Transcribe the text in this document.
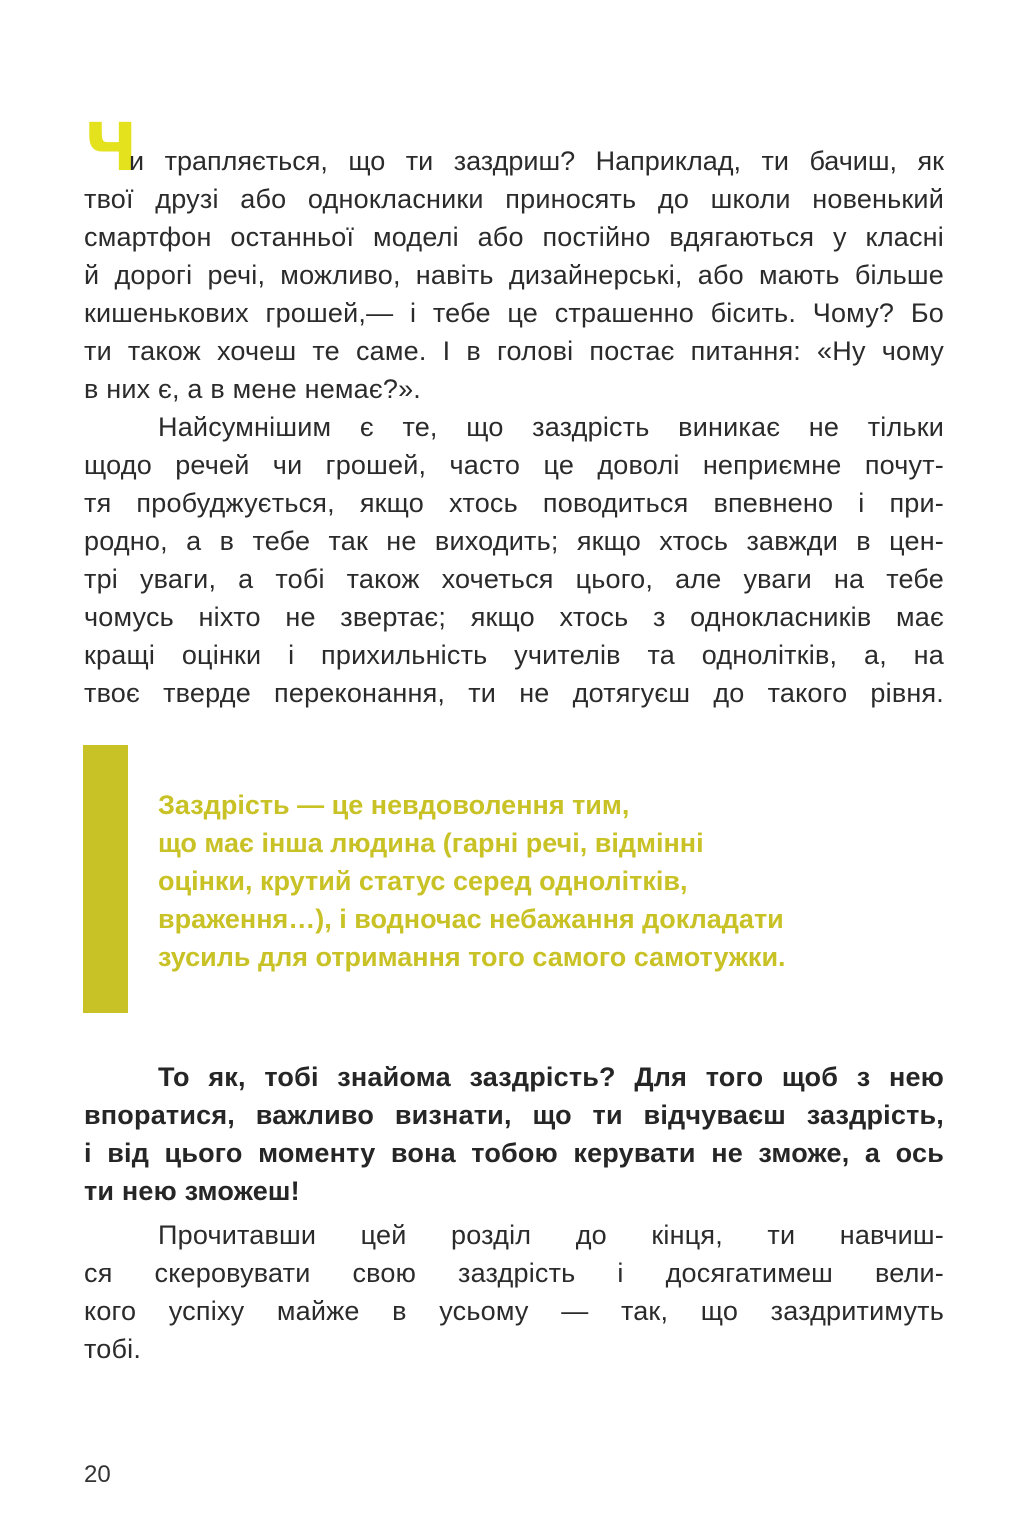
Ч
и трапляється, що ти заздриш? Наприклад, ти бачиш, як
твої друзі або однокласники приносять до школи новенький
смартфон останньої моделі або постійно вдягаються у класні
й дорогі речі, можливо, навіть дизайнерські, або мають більше
кишенькових грошей,— і тебе це страшенно бісить. Чому? Бо
ти також хочеш те саме. І в голові постає питання: «Ну чому
в них є, а в мене немає?».
Найсумнішим є те, що заздрість виникає не тільки
щодо речей чи грошей, часто це доволі неприємне почут-
тя пробуджується, якщо хтось поводиться впевнено і при-
родно, а в тебе так не виходить; якщо хтось завжди в цен-
трі уваги, а тобі також хочеться цього, але уваги на тебе
чомусь ніхто не звертає; якщо хтось з однокласників має
кращі оцінки і прихильність учителів та однолітків, а, на
твоє тверде переконання, ти не дотягуєш до такого рівня.
Заздрість — це невдоволення тим,
що має інша людина (гарні речі, відмінні
оцінки, крутий статус серед однолітків,
враження…), і водночас небажання докладати
зусиль для отримання того самого самотужки.
То як, тобі знайома заздрість? Для того щоб з нею
впоратися, важливо визнати, що ти відчуваєш заздрість,
і від цього моменту вона тобою керувати не зможе, а ось
ти нею зможеш!
Прочитавши цей розділ до кінця, ти навчиш-
ся скеровувати свою заздрість і досягатимеш вели-
кого успіху майже в усьому — так, що заздритимуть
тобі.
20
